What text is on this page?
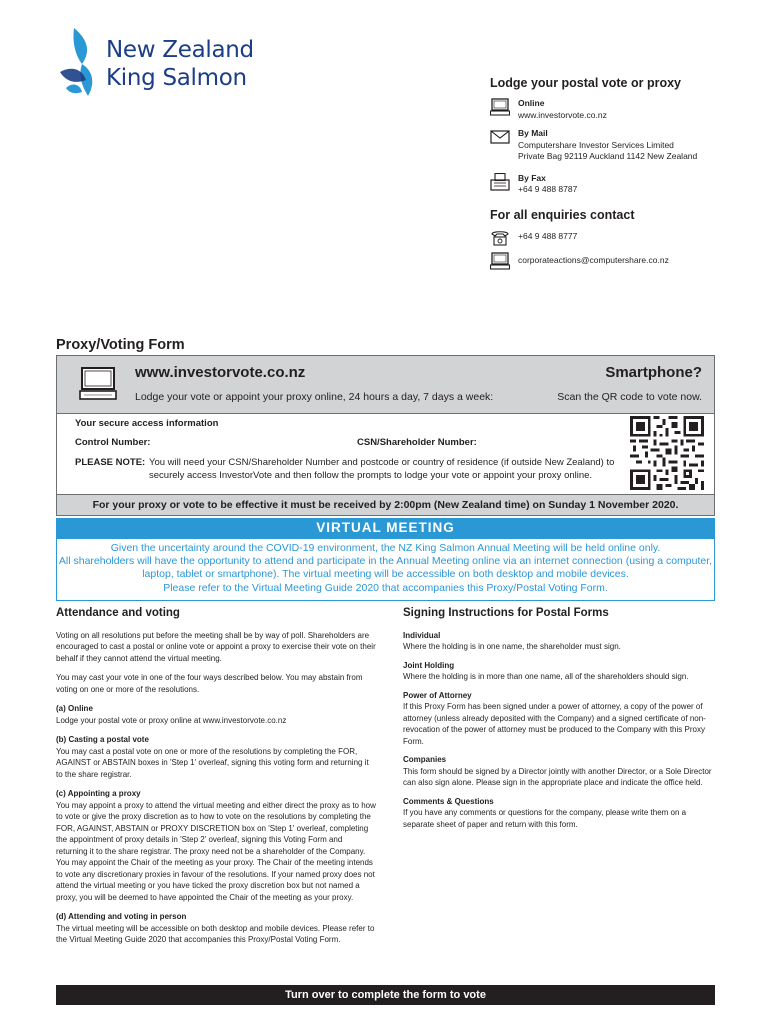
New Zealand
King Salmon	Lodge your postal vote or proxy
Online
www.investorvote.co.nz
By Mail
Computershare Investor Services Limited
Private Bag 92119 Auckland 1142 New Zealand
By Fax
+64 9 488 8787
For all enquiries contact
+64 9 488 8777
corporateactions@computershare.co.nz
Proxy/Voting Form
www.investorvote.co.nz
Lodge your vote or appoint your proxy online, 24 hours a day, 7 days a week:
Smartphone?
Scan the QR code to vote now.
Your secure access information
Control Number:	CSN/Shareholder Number:
PLEASE NOTE: You will need your CSN/Shareholder Number and postcode or country of residence (if outside New Zealand) to securely access InvestorVote and then follow the prompts to lodge your vote or appoint your proxy online.
For your proxy or vote to be effective it must be received by 2:00pm (New Zealand time) on Sunday 1 November 2020.
VIRTUAL MEETING
Given the uncertainty around the COVID-19 environment, the NZ King Salmon Annual Meeting will be held online only.
All shareholders will have the opportunity to attend and participate in the Annual Meeting online via an internet connection (using a computer, laptop, tablet or smartphone). The virtual meeting will be accessible on both desktop and mobile devices.
Please refer to the Virtual Meeting Guide 2020 that accompanies this Proxy/Postal Voting Form.
Attendance and voting

Voting on all resolutions put before the meeting shall be by way of poll. Shareholders are encouraged to cast a postal or online vote or appoint a proxy to exercise their vote on their behalf if they cannot attend the virtual meeting.

You may cast your vote in one of the four ways described below. You may abstain from voting on one or more of the resolutions.

(a) Online
Lodge your postal vote or proxy online at www.investorvote.co.nz

(b) Casting a postal vote
You may cast a postal vote on one or more of the resolutions by completing the FOR, AGAINST or ABSTAIN boxes in 'Step 1' overleaf, signing this voting form and returning it to the share registrar.

(c) Appointing a proxy
You may appoint a proxy to attend the virtual meeting and either direct the proxy as to how to vote or give the proxy discretion as to how to vote on the resolutions by completing the FOR, AGAINST, ABSTAIN or PROXY DISCRETION box on 'Step 1' overleaf, completing the appointment of proxy details in 'Step 2' overleaf, signing this Voting Form and returning it to the share registrar. The proxy need not be a shareholder of the Company. You may appoint the Chair of the meeting as your proxy. The Chair of the meeting intends to vote any discretionary proxies in favour of the resolutions. If your named proxy does not attend the virtual meeting or you have ticked the proxy discretion box but not named a proxy, you will be deemed to have appointed the Chair of the meeting as your proxy.

(d) Attending and voting in person
The virtual meeting will be accessible on both desktop and mobile devices. Please refer to the Virtual Meeting Guide 2020 that accompanies this Proxy/Postal Voting Form.

Signing Instructions for Postal Forms
Individual
Where the holding is in one name, the shareholder must sign.
Joint Holding
Where the holding is in more than one name, all of the shareholders should sign.
Power of Attorney
If this Proxy Form has been signed under a power of attorney, a copy of the power of attorney (unless already deposited with the Company) and a signed certificate of non-revocation of the power of attorney must be produced to the Company with this Proxy Form.
Companies
This form should be signed by a Director jointly with another Director, or a Sole Director can also sign alone. Please sign in the appropriate place and indicate the office held.
Comments & Questions
If you have any comments or questions for the company, please write them on a separate sheet of paper and return with this form.
Turn over to complete the form to vote
